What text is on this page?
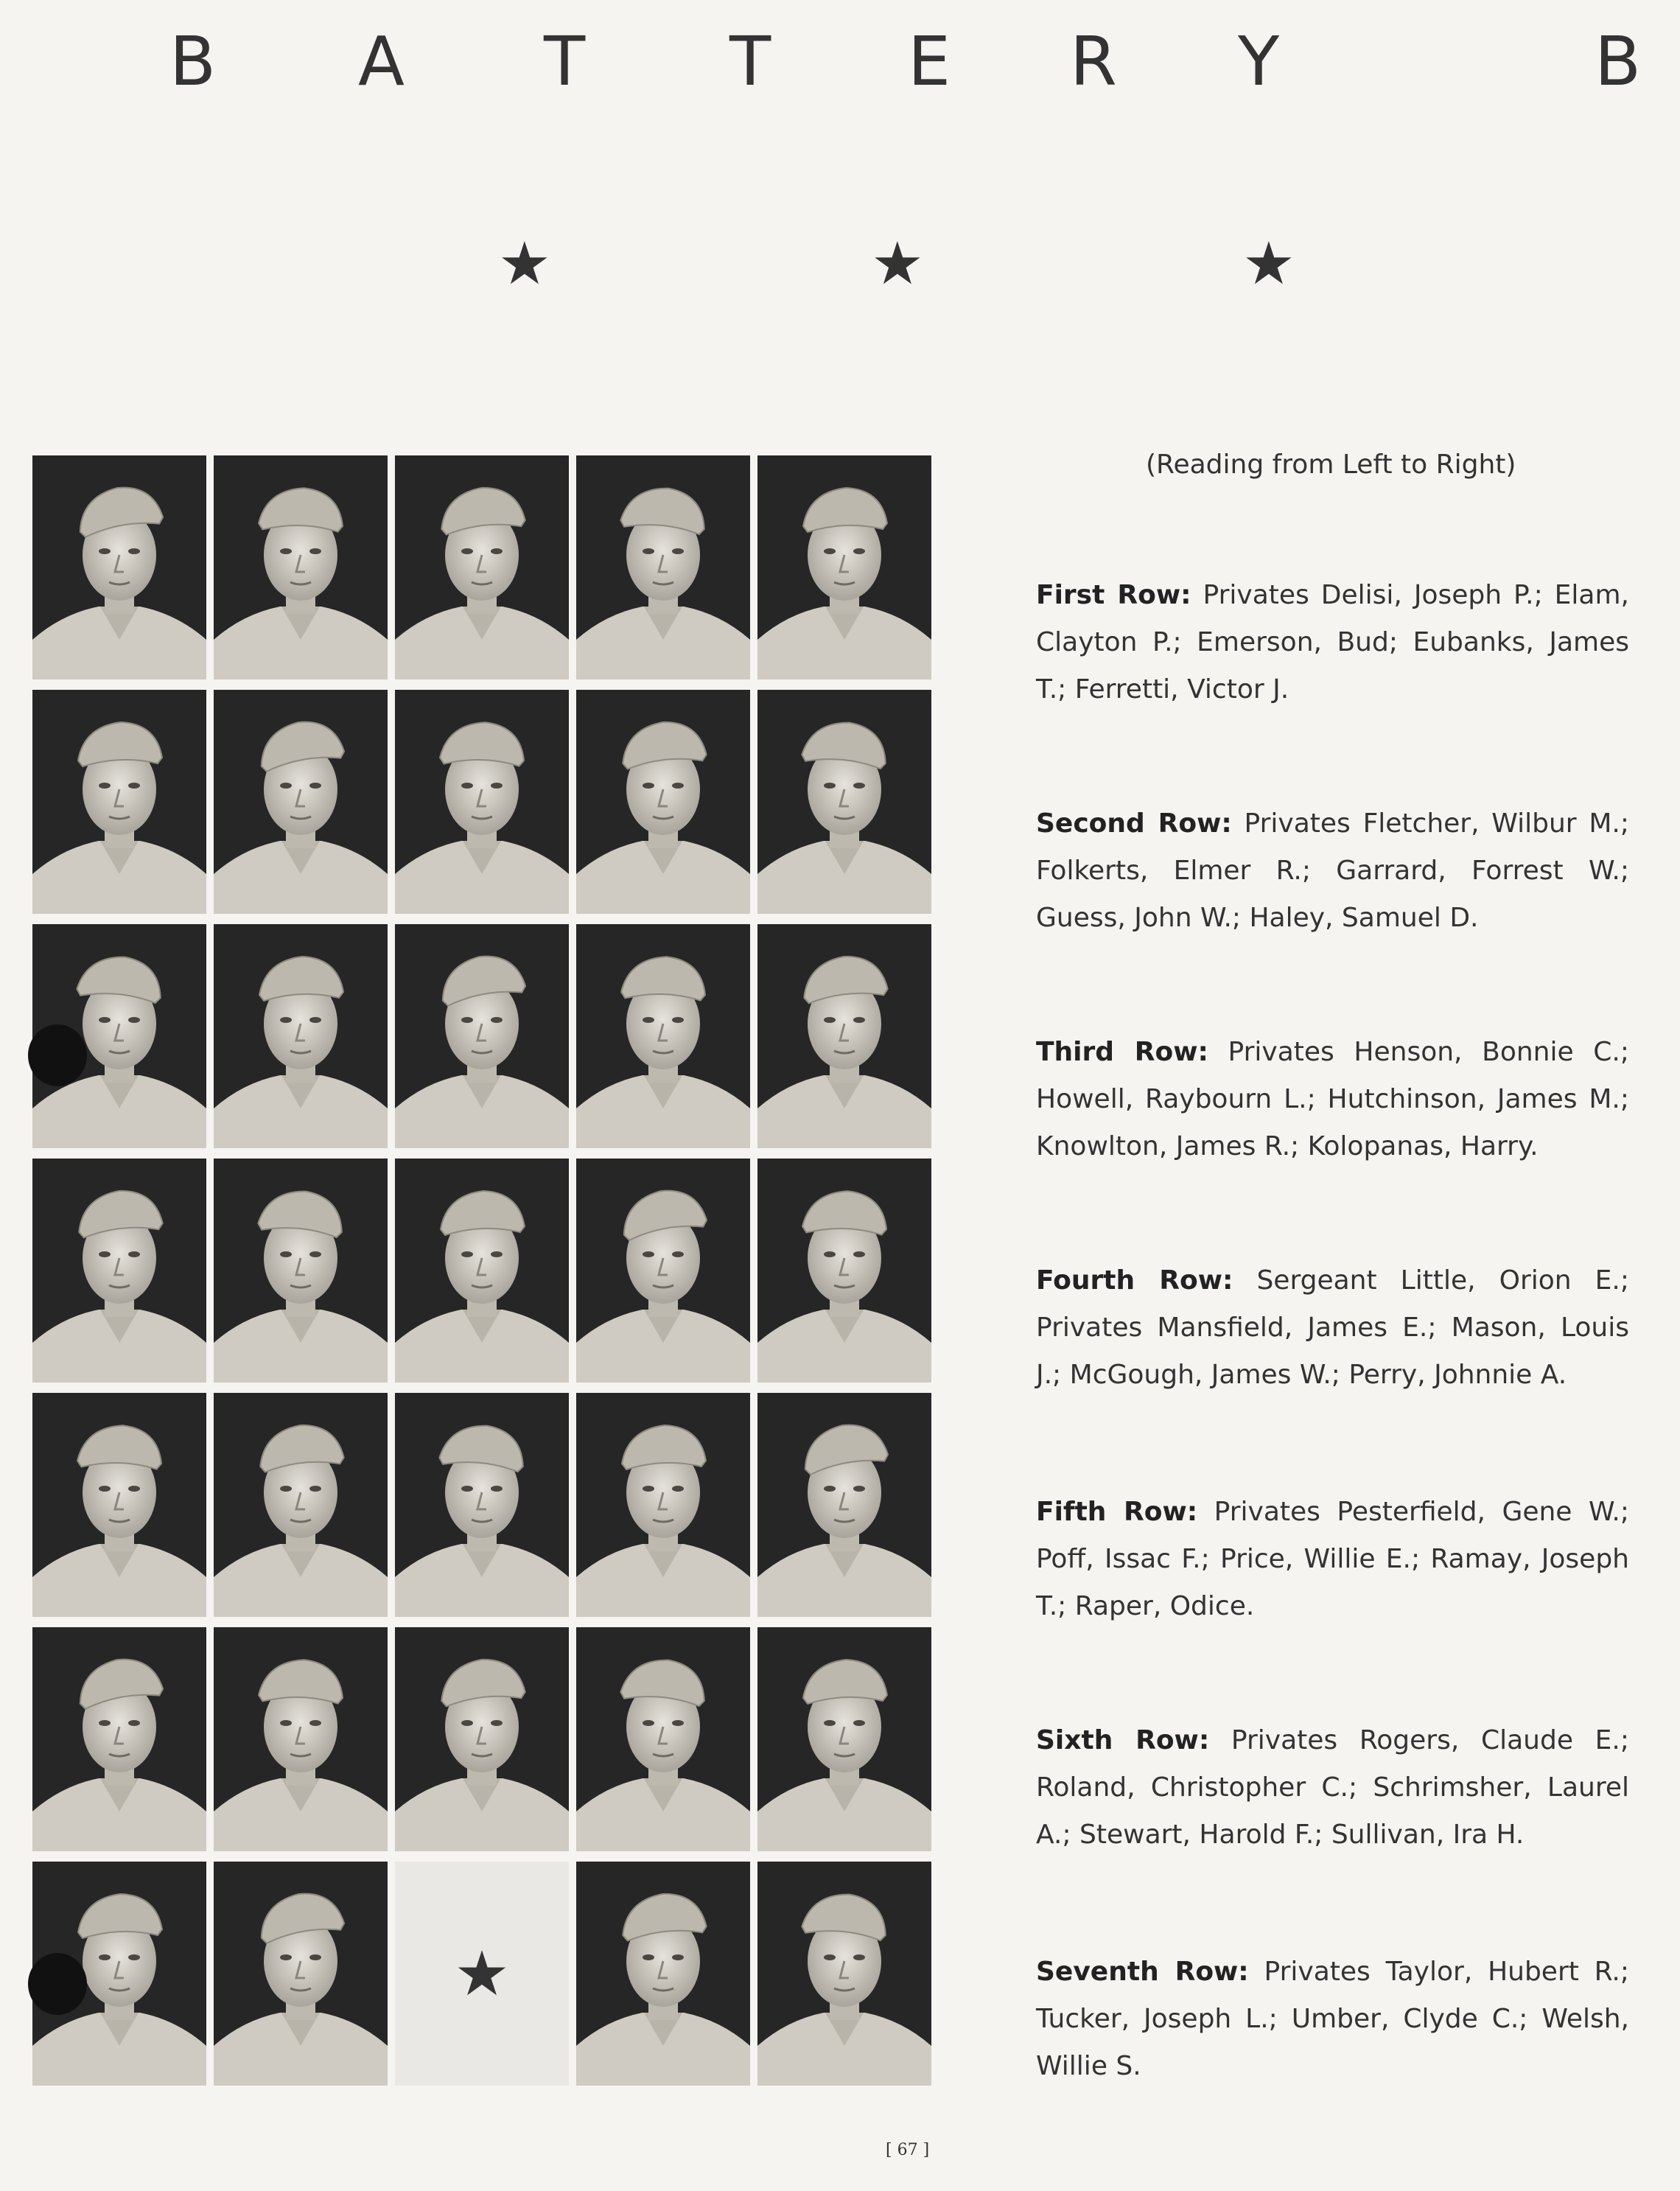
B A T T E R Y	B
★	★	★
★
(Reading from Left to Right)
First Row: Privates Delisi, Joseph P.; Elam, Clayton P.; Emerson, Bud; Eubanks, James T.; Ferretti, Victor J.
Second Row: Privates Fletcher, Wilbur M.; Folkerts, Elmer R.; Garrard, Forrest W.; Guess, John W.; Haley, Samuel D.
Third Row: Privates Henson, Bonnie C.; Howell, Raybourn L.; Hutchinson, James M.; Knowlton, James R.; Kolopanas, Harry.
Fourth Row: Sergeant Little, Orion E.; Privates Mansfield, James E.; Mason, Louis J.; McGough, James W.; Perry, Johnnie A.
Fifth Row: Privates Pesterfield, Gene W.; Poff, Issac F.; Price, Willie E.; Ramay, Joseph T.; Raper, Odice.
Sixth Row: Privates Rogers, Claude E.; Roland, Christopher C.; Schrimsher, Laurel A.; Stewart, Harold F.; Sullivan, Ira H.
Seventh Row: Privates Taylor, Hubert R.; Tucker, Joseph L.; Umber, Clyde C.; Welsh, Willie S.
[ 67 ]
